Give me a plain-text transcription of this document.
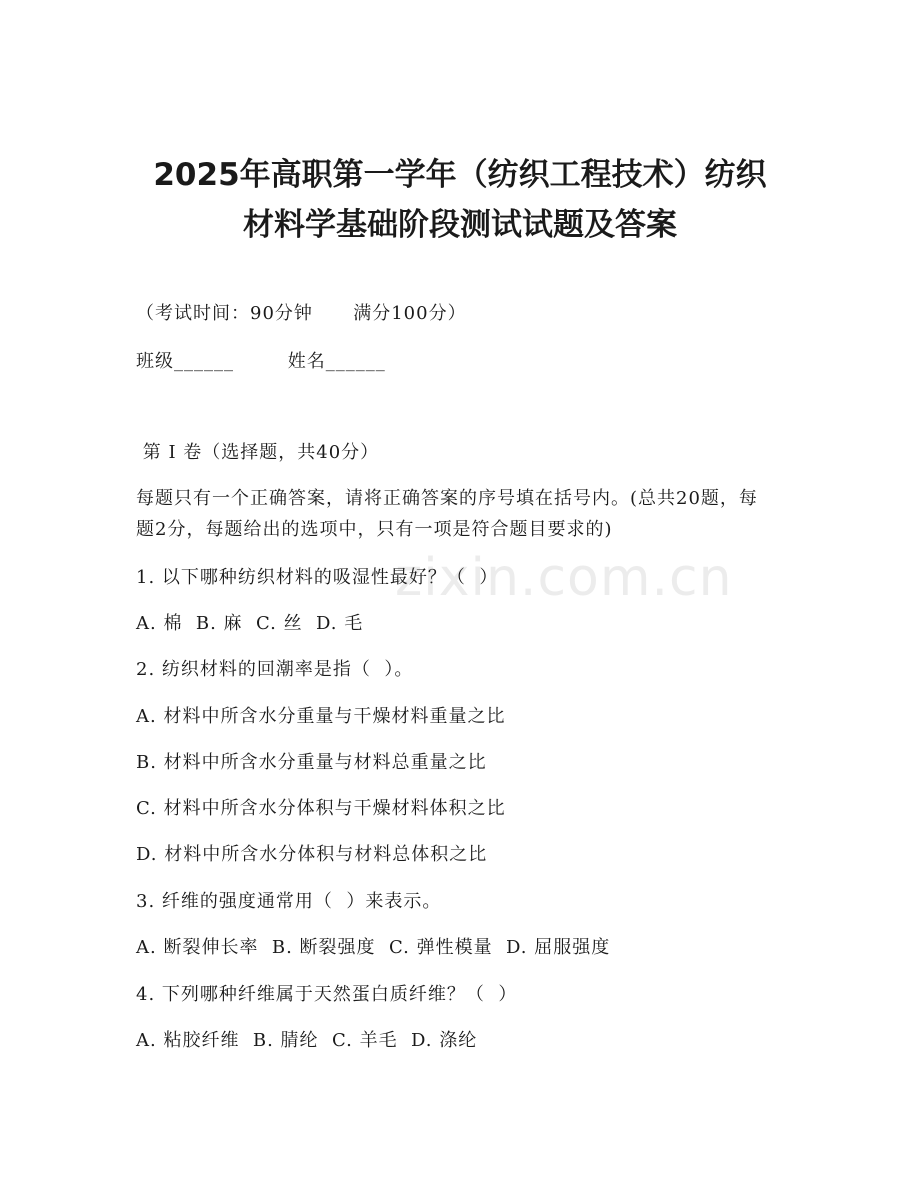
zixin.com.cn
2025年高职第一学年（纺织工程技术）纺织
材料学基础阶段测试试题及答案
（考试时间：90分钟      满分100分）
班级______        姓名______
第 I 卷（选择题，共40分）
每题只有一个正确答案，请将正确答案的序号填在括号内。(总共20题，每题2分，每题给出的选项中，只有一项是符合题目要求的)
1. 以下哪种纺织材料的吸湿性最好？（  ）
A. 棉  B. 麻  C. 丝  D. 毛
2. 纺织材料的回潮率是指（  ）。
A. 材料中所含水分重量与干燥材料重量之比
B. 材料中所含水分重量与材料总重量之比
C. 材料中所含水分体积与干燥材料体积之比
D. 材料中所含水分体积与材料总体积之比
3. 纤维的强度通常用（  ）来表示。
A. 断裂伸长率  B. 断裂强度  C. 弹性模量  D. 屈服强度
4. 下列哪种纤维属于天然蛋白质纤维？（  ）
A. 粘胶纤维  B. 腈纶  C. 羊毛  D. 涤纶
